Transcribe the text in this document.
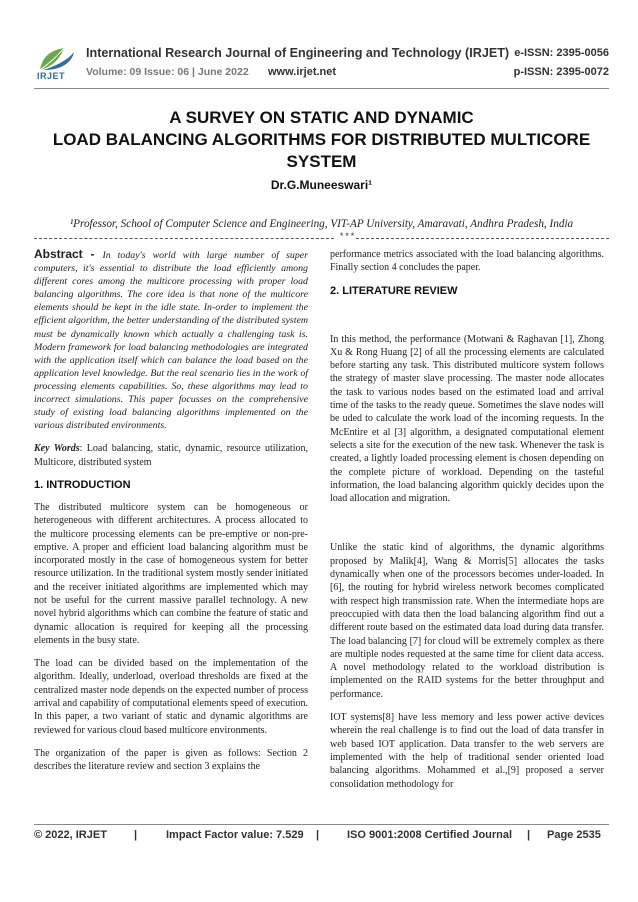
IRJET
International Research Journal of Engineering and Technology (IRJET) e-ISSN: 2395-0056
Volume: 09 Issue: 06 | June 2022 www.irjet.net	p-ISSN: 2395-0072
A SURVEY ON STATIC AND DYNAMIC
LOAD BALANCING ALGORITHMS FOR DISTRIBUTED MULTICORE
SYSTEM
Dr.G.Muneeswari¹
¹Professor, School of Computer Science and Engineering, VIT-AP University, Amaravati, Andhra Pradesh, India
***

Abstract - In today's world with large number of super computers, it's essential to distribute the load efficiently among different cores among the multicore processing with proper load balancing algorithms. The core idea is that none of the multicore elements should be kept in the idle state. In-order to implement the efficient algorithm, the better understanding of the distributed system must be dynamically known which actually a challenging task is. Modern framework for load balancing methodologies are integrated with the application itself which can balance the load based on the application level knowledge. But the real scenario lies in the work of processing elements capabilities. So, these algorithms may lead to incorrect simulations. This paper focusses on the comprehensive study of existing load balancing algorithms implemented on the various distributed environments.

Key Words: Load balancing, static, dynamic, resource utilization, Multicore, distributed system

1. INTRODUCTION

The distributed multicore system can be homogeneous or heterogeneous with different architectures. A process allocated to the multicore processing elements can be pre-emptive or non-pre-emptive. A proper and efficient load balancing algorithm must be incorporated mostly in the case of homogeneous system for better resource utilization. In the traditional system mostly sender initiated and the receiver initiated algorithms are implemented which may not be useful for the current massive parallel technology. A new novel hybrid algorithms which can combine the feature of static and dynamic allocation is required for keeping all the processing elements in the busy state.

The load can be divided based on the implementation of the algorithm. Ideally, underload, overload thresholds are fixed at the centralized master node depends on the expected number of process arrival and capability of computational elements speed of execution. In this paper, a two variant of static and dynamic algorithms are reviewed for various cloud based multicore environments.

The organization of the paper is given as follows: Section 2 describes the literature review and section 3 explains the

performance metrics associated with the load balancing algorithms. Finally section 4 concludes the paper.

2. LITERATURE REVIEW

In this method, the performance (Motwani & Raghavan [1], Zhong Xu & Rong Huang [2] of all the processing elements are calculated before starting any task. This distributed multicore system follows the strategy of master slave processing. The master node allocates the task to various nodes based on the estimated load and arrival time of the tasks to the ready queue. Sometimes the slave nodes will be uded to calculate the work load of the incoming requests. In the McEntire et al [3] algorithm, a designated computational element selects a site for the execution of the new task. Whenever the task is created, a lightly loaded processing element is chosen depending on the complete picture of workload. Depending on the tasteful information, the load balancing algorithm quickly decides upon the load allocation and migration.

Unlike the static kind of algorithms, the dynamic algorithms proposed by Malik[4], Wang & Morris[5] allocates the tasks dynamically when one of the processors becomes under-loaded. In [6], the routing for hybrid wireless network becomes complicated with respect high transmission rate. When the intermediate hops are preoccupied with data then the load balancing algorithm find out a different route based on the estimated data load during data transfer. The load balancing [7] for cloud will be extremely complex as there are multiple nodes requested at the same time for client data access. A novel methodology related to the workload distribution is implemented on the RAID systems for the better throughput and performance.

IOT systems[8] have less memory and less power active devices wherein the real challenge is to find out the load of data transfer in web based IOT application. Data transfer to the web servers are implemented with the help of traditional sender oriented load balancing algorithms. Mohammed et al.,[9] proposed a server consolidation methodology for

© 2022, IRJET |	Impact Factor value: 7.529 |	ISO 9001:2008 Certified Journal | Page 2535
